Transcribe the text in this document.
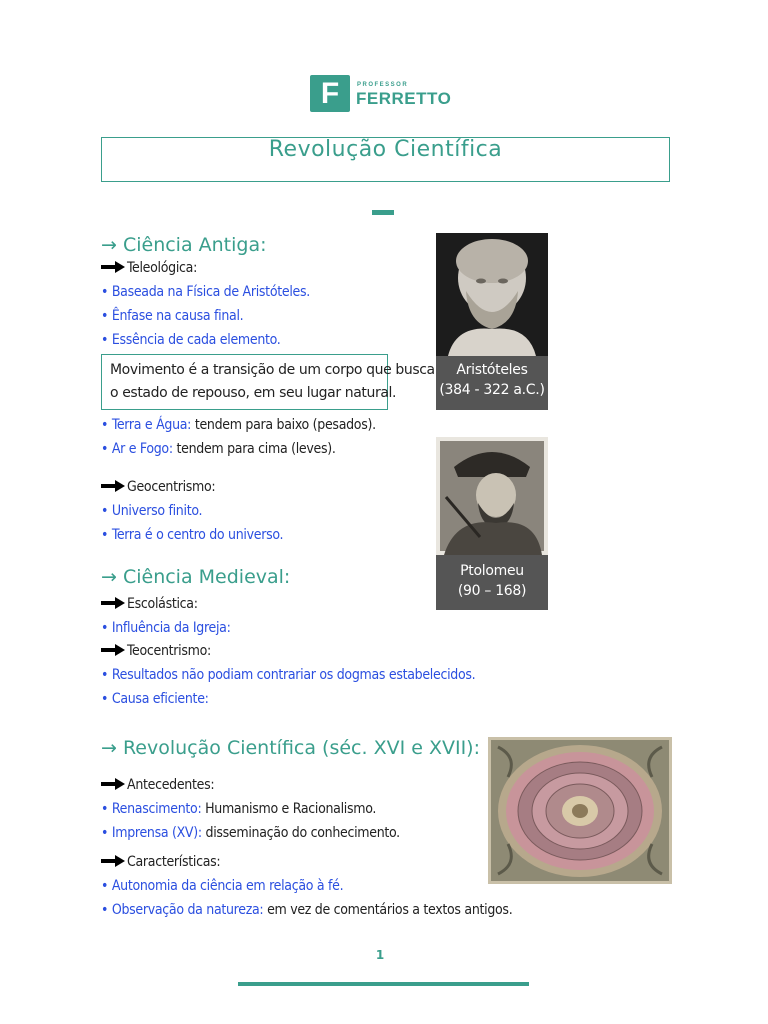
F	PROFESSOR
FERRETTO
Revolução Científica
→ Ciência Antiga:
Teleológica:
• Baseada na Física de Aristóteles.
• Ênfase na causa final.
• Essência de cada elemento.
Movimento é a transição de um corpo que busca
o estado de repouso, em seu lugar natural.
• Terra e Água: tendem para baixo (pesados).
• Ar e Fogo: tendem para cima (leves).
Geocentrismo:
• Universo finito.
• Terra é o centro do universo.
→ Ciência Medieval:
Escolástica:
• Influência da Igreja:
Teocentrismo:
• Resultados não podiam contrariar os dogmas estabelecidos.
• Causa eficiente:
→ Revolução Científica (séc. XVI e XVII):
Antecedentes:
• Renascimento: Humanismo e Racionalismo.
• Imprensa (XV): disseminação do conhecimento.
Características:
• Autonomia da ciência em relação à fé.
• Observação da natureza: em vez de comentários a textos antigos.
Aristóteles
(384 - 322 a.C.)
Ptolomeu
(90 – 168)
1
